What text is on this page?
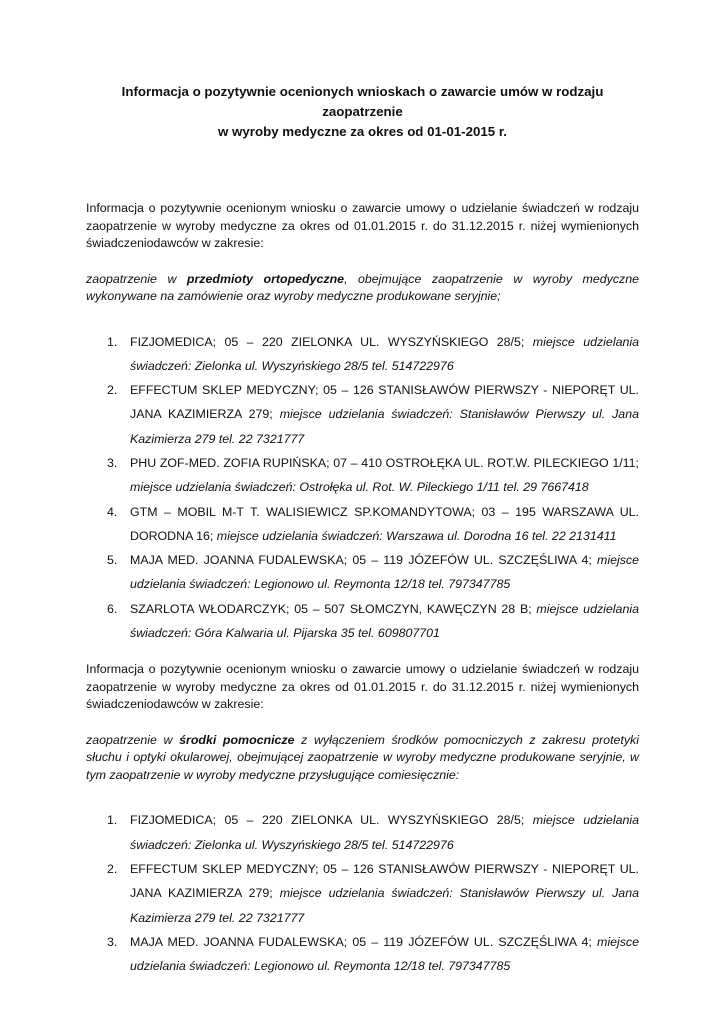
Informacja o pozytywnie ocenionych wnioskach o zawarcie umów w rodzaju zaopatrzenie
w wyroby medyczne za okres od 01-01-2015 r.

Informacja o pozytywnie ocenionym wniosku o zawarcie umowy o udzielanie świadczeń w rodzaju zaopatrzenie w wyroby medyczne za okres od 01.01.2015 r. do 31.12.2015 r. niżej wymienionych świadczeniodawców w zakresie:

zaopatrzenie w przedmioty ortopedyczne, obejmujące zaopatrzenie w wyroby medyczne wykonywane na zamówienie oraz wyroby medyczne produkowane seryjnie;

1. FIZJOMEDICA; 05 – 220 ZIELONKA UL. WYSZYŃSKIEGO 28/5; miejsce udzielania świadczeń: Zielonka ul. Wyszyńskiego 28/5 tel. 514722976
2. EFFECTUM SKLEP MEDYCZNY; 05 – 126 STANISŁAWÓW PIERWSZY - NIEPORĘT UL. JANA KAZIMIERZA 279; miejsce udzielania świadczeń: Stanisławów Pierwszy ul. Jana Kazimierza 279 tel. 22 7321777
3. PHU ZOF-MED. ZOFIA RUPIŃSKA; 07 – 410 OSTROŁĘKA UL. ROT.W. PILECKIEGO 1/11; miejsce udzielania świadczeń: Ostrołęka ul. Rot. W. Pileckiego 1/11 tel. 29 7667418
4. GTM – MOBIL M-T T. WALISIEWICZ SP.KOMANDYTOWA; 03 – 195 WARSZAWA UL. DORODNA 16; miejsce udzielania świadczeń: Warszawa ul. Dorodna 16 tel. 22 2131411
5. MAJA MED. JOANNA FUDALEWSKA; 05 – 119 JÓZEFÓW UL. SZCZĘŚLIWA 4; miejsce udzielania świadczeń: Legionowo ul. Reymonta 12/18 tel. 797347785
6. SZARLOTA WŁODARCZYK; 05 – 507 SŁOMCZYN, KAWĘCZYN 28 B; miejsce udzielania świadczeń: Góra Kalwaria ul. Pijarska 35 tel. 609807701

Informacja o pozytywnie ocenionym wniosku o zawarcie umowy o udzielanie świadczeń w rodzaju zaopatrzenie w wyroby medyczne za okres od 01.01.2015 r. do 31.12.2015 r. niżej wymienionych świadczeniodawców w zakresie:

zaopatrzenie w środki pomocnicze z wyłączeniem środków pomocniczych z zakresu protetyki słuchu i optyki okularowej, obejmującej zaopatrzenie w wyroby medyczne produkowane seryjnie, w tym zaopatrzenie w wyroby medyczne przysługujące comiesięcznie:

1. FIZJOMEDICA; 05 – 220 ZIELONKA UL. WYSZYŃSKIEGO 28/5; miejsce udzielania świadczeń: Zielonka ul. Wyszyńskiego 28/5 tel. 514722976
2. EFFECTUM SKLEP MEDYCZNY; 05 – 126 STANISŁAWÓW PIERWSZY - NIEPORĘT UL. JANA KAZIMIERZA 279; miejsce udzielania świadczeń: Stanisławów Pierwszy ul. Jana Kazimierza 279 tel. 22 7321777
3. MAJA MED. JOANNA FUDALEWSKA; 05 – 119 JÓZEFÓW UL. SZCZĘŚLIWA 4; miejsce udzielania świadczeń: Legionowo ul. Reymonta 12/18 tel. 797347785
